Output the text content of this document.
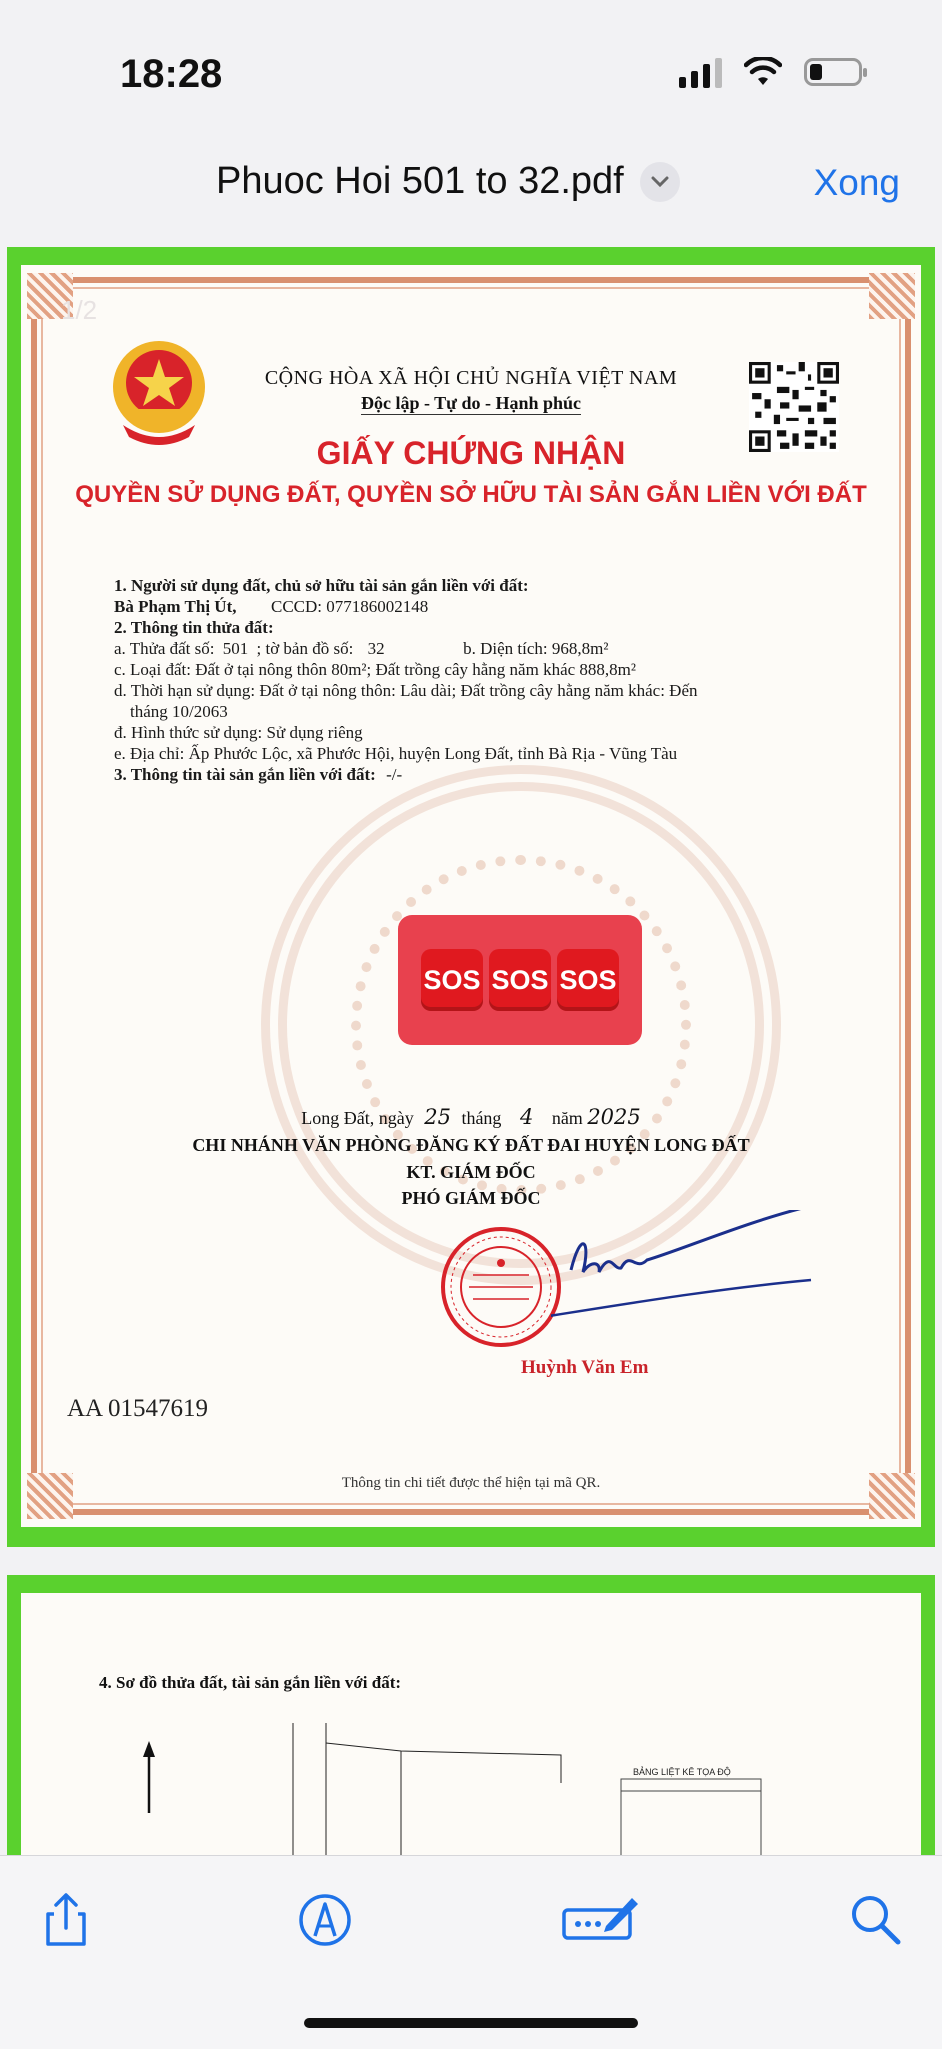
18:28
Phuoc Hoi 501 to 32.pdf	Xong
1/2
CỘNG HÒA XÃ HỘI CHỦ NGHĨA VIỆT NAM
Độc lập - Tự do - Hạnh phúc
GIẤY CHỨNG NHẬN
QUYỀN SỬ DỤNG ĐẤT, QUYỀN SỞ HỮU TÀI SẢN GẮN LIỀN VỚI ĐẤT
1. Người sử dụng đất, chủ sở hữu tài sản gắn liền với đất:
Bà Phạm Thị Út, CCCD: 077186002148
2. Thông tin thửa đất:
a. Thửa đất số: 501 ; tờ bản đồ số: 32	b. Diện tích: 968,8m²
c. Loại đất: Đất ở tại nông thôn 80m²; Đất trồng cây hằng năm khác 888,8m²
d. Thời hạn sử dụng: Đất ở tại nông thôn: Lâu dài; Đất trồng cây hằng năm khác: Đến
tháng 10/2063
đ. Hình thức sử dụng: Sử dụng riêng
e. Địa chỉ: Ấp Phước Lộc, xã Phước Hội, huyện Long Đất, tỉnh Bà Rịa - Vũng Tàu
3. Thông tin tài sản gắn liền với đất: -/-
SOS SOS SOS
Long Đất, ngày 25 tháng 4 năm 2025
CHI NHÁNH VĂN PHÒNG ĐĂNG KÝ ĐẤT ĐAI HUYỆN LONG ĐẤT
KT. GIÁM ĐỐC
PHÓ GIÁM ĐỐC
Huỳnh Văn Em
AA 01547619
Thông tin chi tiết được thể hiện tại mã QR.
4. Sơ đồ thửa đất, tài sản gắn liền với đất:
BẢNG LIỆT KÊ TỌA ĐỘ
